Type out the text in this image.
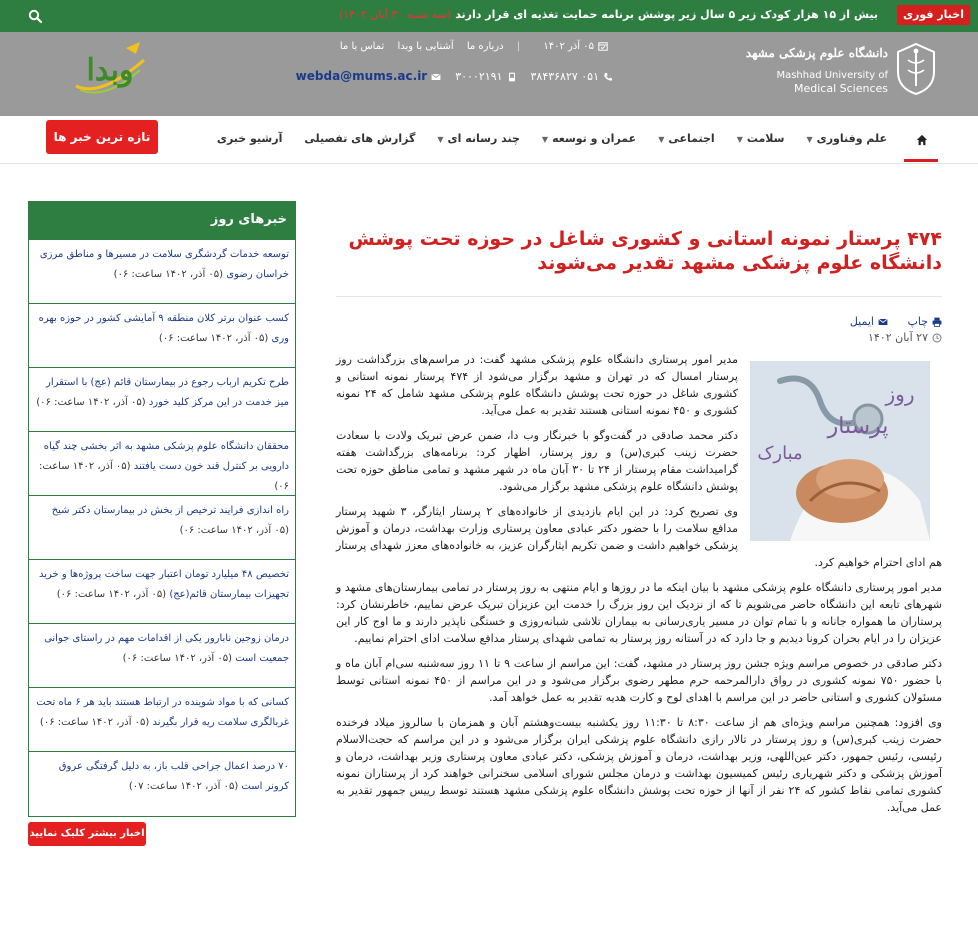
اخبار فوری
بیش از ۱۵ هزار کودک زیر ۵ سال زیر پوشش برنامه حمایت تغذیه ای قرار دارند (سه شنبه ۳۰ آبان ۱۴۰۲)
دانشگاه علوم پزشکی مشهد
Mashhad University of
Medical Sciences
۰۵ آذر ۱۴۰۲ | درباره ما آشنایی با وبدا تماس با ما
۰۵۱ ۳۸۴۳۶۸۲۷
۳۰۰۰۲۱۹۱
webda@mums.ac.ir
وبدا
علم وفناوری▼
سلامت▼
اجتماعی▼
عمران و توسعه▼
چند رسانه ای▼
گزارش های تفصیلی
آرشیو خبری
تازه ترین خبر ها
خبرهای روز
توسعه خدمات گردشگری سلامت در مسیرها و مناطق مرزی خراسان رضوی (۰۵ آذر، ۱۴۰۲ ساعت: ۰۶)
کسب عنوان برتر کلان منطقه ۹ آمایشی کشور در حوزه بهره وری (۰۵ آذر، ۱۴۰۲ ساعت: ۰۶)
طرح تکریم ارباب رجوع در بیمارستان قائم (عج) با استقرار میز خدمت در این مرکز کلید خورد (۰۵ آذر، ۱۴۰۲ ساعت: ۰۶)
محققان دانشگاه علوم پزشکی مشهد به اثر بخشی چند گیاه دارویی بر کنترل قند خون دست یافتند (۰۵ آذر، ۱۴۰۲ ساعت: ۰۶)
راه اندازی فرایند ترخیص از بخش در بیمارستان دکتر شیخ (۰۵ آذر، ۱۴۰۲ ساعت: ۰۶)
تخصیص ۴۸ میلیارد تومان اعتبار جهت ساخت پروژه‌ها و خرید تجهیزات بیمارستان قائم(عج) (۰۵ آذر، ۱۴۰۲ ساعت: ۰۶)
درمان زوجین نابارور یکی از اقدامات مهم در راستای جوانی جمعیت است (۰۵ آذر، ۱۴۰۲ ساعت: ۰۶)
کسانی که با مواد شوینده در ارتباط هستند باید هر ۶ ماه تحت غربالگری سلامت ریه قرار بگیرند (۰۵ آذر، ۱۴۰۲ ساعت: ۰۶)
۷۰ درصد اعمال جراحی قلب باز، به دلیل گرفتگی عروق کرونر است (۰۵ آذر، ۱۴۰۲ ساعت: ۰۷)
اخبار بیشتر کلیک نمایید
۴۷۴ پرستار نمونه استانی و کشوری شاغل در حوزه تحت پوشش دانشگاه علوم پزشکی مشهد تقدیر می‌شوند
چاپ ایمیل
۲۷ آبان ۱۴۰۲

مدیر امور پرستاری دانشگاه علوم پزشکی مشهد گفت: در مراسم‌های بزرگداشت روز پرستار امسال که در تهران و مشهد برگزار می‌شود از ۴۷۴ پرستار نمونه استانی و کشوری شاغل در حوزه تحت پوشش دانشگاه علوم پزشکی مشهد شامل که ۲۴ نمونه کشوری و ۴۵۰ نمونه استانی هستند تقدیر به عمل می‌آید.

دکتر محمد صادقی در گفت‌وگو با خبرنگار وب دا، ضمن عرض تبریک ولادت با سعادت حضرت زینب کبری(س) و روز پرستار، اظهار کرد: برنامه‌های بزرگداشت هفته گرامیداشت مقام پرستار از ۲۴ تا ۳۰ آبان ماه در شهر مشهد و تمامی مناطق حوزه تحت پوشش دانشگاه علوم پزشکی مشهد برگزار می‌شود.

وی تصریح کرد: در این ایام بازدیدی از خانواده‌های ۲ پرستار ایثارگر، ۳ شهید پرستار مدافع سلامت را با حضور دکتر عبادی معاون پرستاری وزارت بهداشت، درمان و آموزش پزشکی خواهیم داشت و ضمن تکریم ایثارگران عزیز، به خانواده‌های معزز شهدای پرستار هم ادای احترام خواهیم کرد.

مدیر امور پرستاری دانشگاه علوم پزشکی مشهد با بیان اینکه ما در روزها و ایام منتهی به روز پرستار در تمامی بیمارستان‌های مشهد و شهرهای تابعه این دانشگاه حاضر می‌شویم تا که از نزدیک این روز بزرگ را خدمت این عزیزان تبریک عرض نماییم، خاطرنشان کرد: پرستاران ما همواره جانانه و با تمام توان در مسیر یاری‌رسانی به بیماران تلاشی شبانه‌روزی و خستگی ناپذیر دارند و ما اوج کار این عزیزان را در ایام بحران کرونا دیدیم و جا دارد که در آستانه روز پرستار به تمامی شهدای پرستار مدافع سلامت ادای احترام نماییم.

دکتر صادقی در خصوص مراسم ویژه جشن روز پرستار در مشهد، گفت: این مراسم از ساعت ۹ تا ۱۱ روز سه‌شنبه سی‌ام آبان ماه و با حضور ۷۵۰ نمونه کشوری در رواق دارالمرحمه حرم مطهر رضوی برگزار می‌شود و در این مراسم از ۴۵۰ نمونه استانی توسط مسئولان کشوری و استانی حاضر در این مراسم با اهدای لوح و کارت هدیه تقدیر به عمل خواهد آمد.

وی افزود: همچنین مراسم ویژه‌ای هم از ساعت ۸:۳۰ تا ۱۱:۳۰ روز یکشنبه بیست‌وهشتم آبان و همزمان با سالروز میلاد فرخنده حضرت زینب کبری(س) و روز پرستار در تالار رازی دانشگاه علوم پزشکی ایران برگزار می‌شود و در این مراسم که حجت‌الاسلام رئیسی، رئیس جمهور، دکتر عین‌اللهی، وزیر بهداشت، درمان و آموزش پزشکی، دکتر عبادی معاون پرستاری وزیر بهداشت، درمان و آموزش پزشکی و دکتر شهریاری رئیس کمیسیون بهداشت و درمان مجلس شورای اسلامی سخنرانی خواهند کرد از پرستاران نمونه کشوری تمامی نقاط کشور که ۲۴ نفر از آنها از حوزه تحت پوشش دانشگاه علوم پزشکی مشهد هستند توسط رییس جمهور تقدیر به عمل می‌آید.

روز
پرستار
مبارک
